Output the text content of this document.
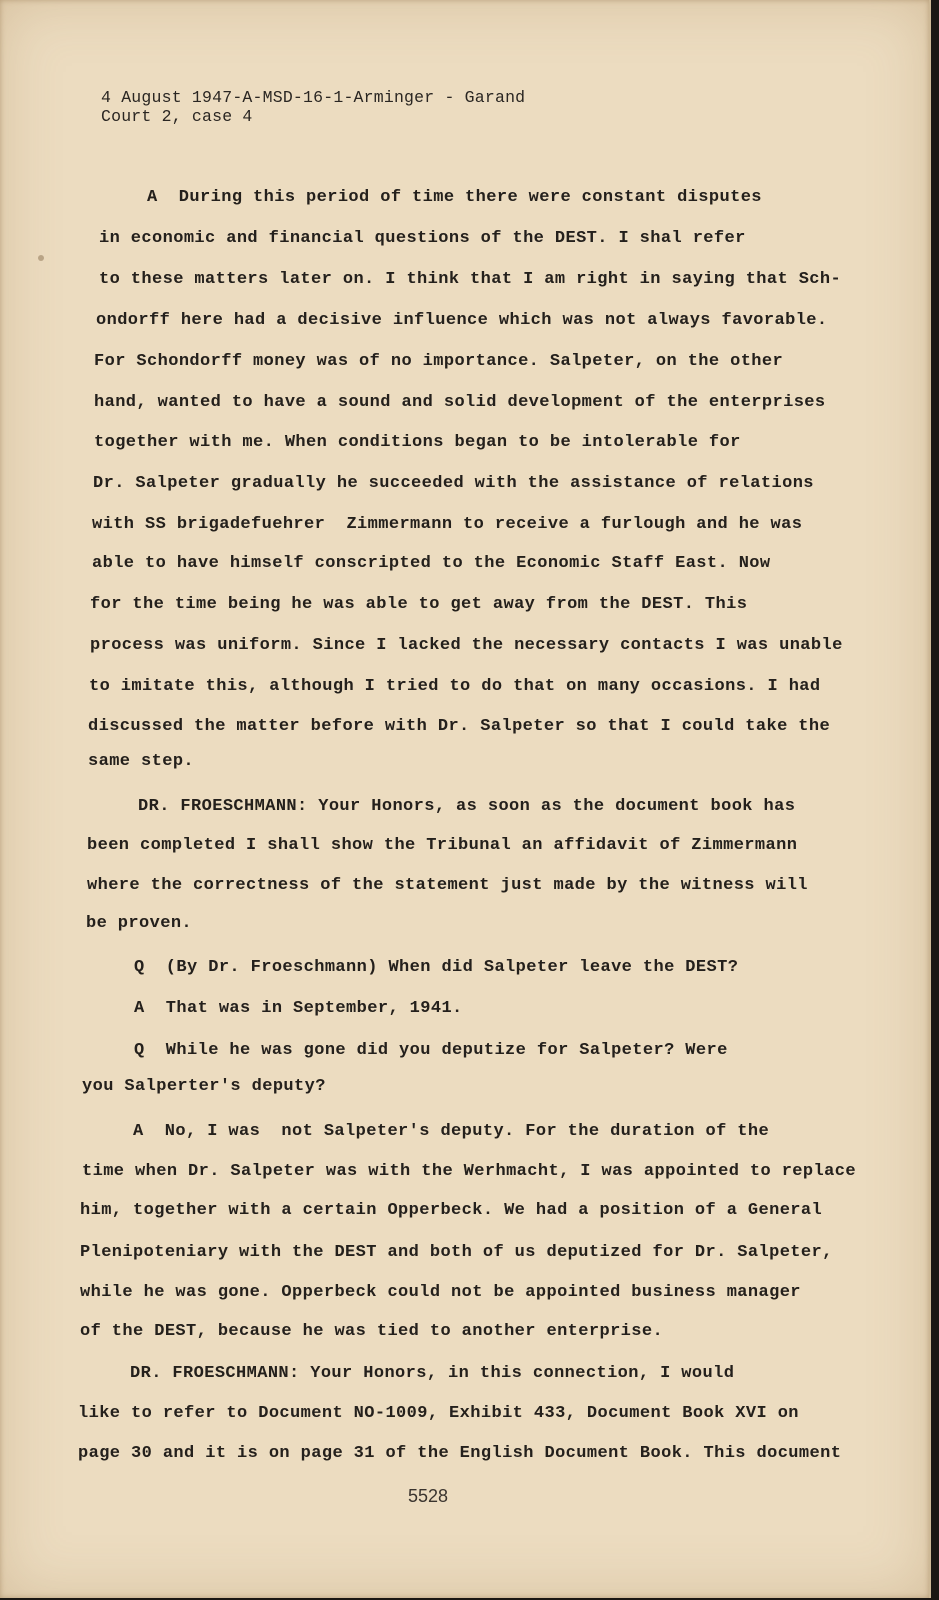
4 August 1947-A-MSD-16-1-Arminger - Garand
Court 2, case 4
A  During this period of time there were constant disputes
in economic and financial questions of the DEST. I shal refer
to these matters later on. I think that I am right in saying that Sch-
ondorff here had a decisive influence which was not always favorable.
For Schondorff money was of no importance. Salpeter, on the other
hand, wanted to have a sound and solid development of the enterprises
together with me. When conditions began to be intolerable for
Dr. Salpeter gradually he succeeded with the assistance of relations
with SS brigadefuehrer  Zimmermann to receive a furlough and he was
able to have himself conscripted to the Economic Staff East. Now
for the time being he was able to get away from the DEST. This
process was uniform. Since I lacked the necessary contacts I was unable
to imitate this, although I tried to do that on many occasions. I had
discussed the matter before with Dr. Salpeter so that I could take the
same step.
DR. FROESCHMANN: Your Honors, as soon as the document book has
been completed I shall show the Tribunal an affidavit of Zimmermann
where the correctness of the statement just made by the witness will
be proven.
Q  (By Dr. Froeschmann) When did Salpeter leave the DEST?
A  That was in September, 1941.
Q  While he was gone did you deputize for Salpeter? Were
you Salperter's deputy?
A  No, I was  not Salpeter's deputy. For the duration of the
time when Dr. Salpeter was with the Werhmacht, I was appointed to replace
him, together with a certain Opperbeck. We had a position of a General
Plenipoteniary with the DEST and both of us deputized for Dr. Salpeter,
while he was gone. Opperbeck could not be appointed business manager
of the DEST, because he was tied to another enterprise.
DR. FROESCHMANN: Your Honors, in this connection, I would
like to refer to Document NO-1009, Exhibit 433, Document Book XVI on
page 30 and it is on page 31 of the English Document Book. This document
5528
